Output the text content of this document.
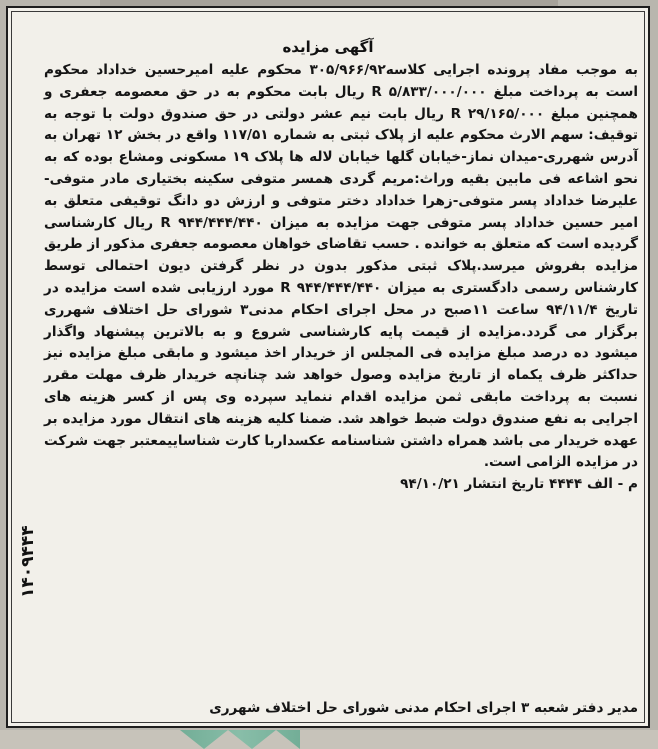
آگهی مزایده

به موجب مفاد پرونده اجرایی کلاسه۳۰۵/۹۶۶/۹۲ محکوم علیه امیرحسین خداداد محکوم است به پرداخت مبلغ R ۵/۸۳۳/۰۰۰/۰۰۰ ریال بابت محکوم به در حق معصومه جعفری و همچنین مبلغ R ۲۹/۱۶۵/۰۰۰ ریال بابت نیم عشر دولتی در حق صندوق دولت با توجه به توقیف: سهم الارث محکوم علیه از پلاک ثبتی به شماره ۱۱۷/۵۱ واقع در بخش ۱۲ تهران به آدرس شهرری-میدان نماز-خیابان گلها خیابان لاله ها پلاک ۱۹ مسکونی ومشاع بوده که به نحو اشاعه فی مابین بقیه وراث:مریم گردی همسر متوفی سکینه بختیاری مادر متوفی-علیرضا خداداد پسر متوفی-زهرا خداداد دختر متوفی و ارزش دو دانگ توقیفی متعلق به امیر حسین خداداد پسر متوفی جهت مزایده به میزان R ۹۴۴/۴۴۴/۴۴۰ ریال کارشناسی گردیده است که متعلق به خوانده . حسب تقاضای خواهان معصومه جعفری مذکور از طریق مزایده بفروش میرسد.پلاک ثبتی مذکور بدون در نظر گرفتن دیون احتمالی توسط کارشناس رسمی دادگستری به میزان R ۹۴۴/۴۴۴/۴۴۰ مورد ارزیابی شده است مزایده در تاریخ ۹۴/۱۱/۴ ساعت ۱۱صبح در محل اجرای احکام مدنی۳ شورای حل اختلاف شهرری برگزار می گردد.مزایده از قیمت پایه کارشناسی شروع و به بالاترین پیشنهاد واگذار میشود ده درصد مبلغ مزایده فی المجلس از خریدار اخذ میشود و مابقی مبلغ مزایده نیز حداکثر ظرف یکماه از تاریخ مزایده وصول خواهد شد چنانچه خریدار ظرف مهلت مقرر نسبت به پرداخت مابقی ثمن مزایده اقدام ننماید سپرده وی پس از کسر هزینه های اجرایی به نفع صندوق دولت ضبط خواهد شد. ضمنا کلیه هزینه های انتقال مورد مزایده بر عهده خریدار می باشد همراه داشتن شناسنامه عکسداربا کارت شناساییمعتبر جهت شرکت در مزایده الزامی است.

م - الف ۴۴۴۴ تاریخ انتشار ۹۴/۱۰/۲۱

۱۴۰۹۴۴۴
مدیر دفتر شعبه ۳ اجرای احکام مدنی شورای حل اختلاف شهرری
